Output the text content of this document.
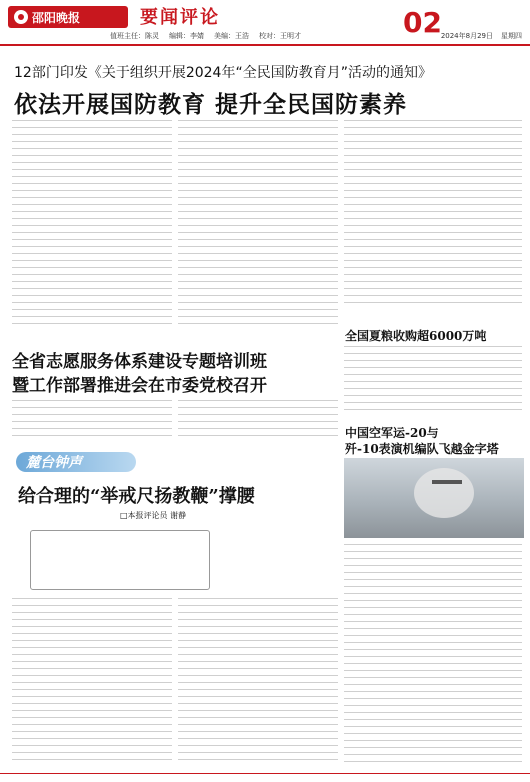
邵阳晚报	要闻评论	02
值班主任：陈灵 编辑：李婧 美编：王浩 校对：王明才	2024年8月29日 星期四
12部门印发《关于组织开展2024年“全民国防教育月”活动的通知》
依法开展国防教育 提升全民国防素养
全省志愿服务体系建设专题培训班
暨工作部署推进会在市委党校召开
麓台钟声
给合理的“举戒尺扬教鞭”撑腰
□本报评论员 谢静
全国夏粮收购超6000万吨
中国空军运-20与
歼-10表演机编队飞越金字塔
